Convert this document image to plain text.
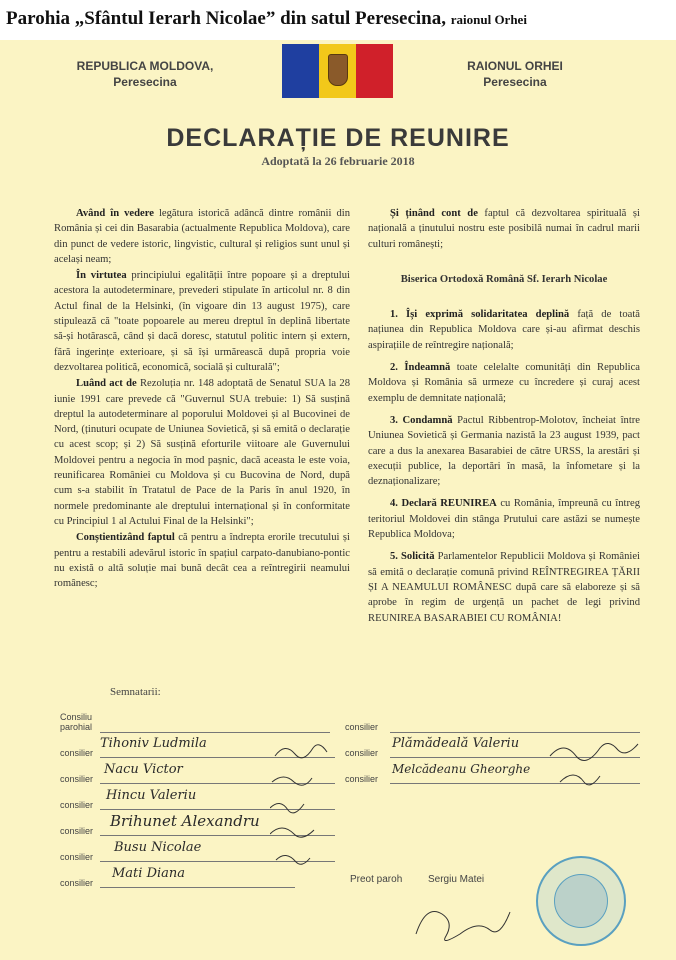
Parohia „Sfântul Ierarh Nicolae” din satul Peresecina, raionul Orhei
REPUBLICA MOLDOVA,
Peresecina
RAIONUL ORHEI
Peresecina
DECLARAȚIE DE REUNIRE
Adoptată la 26 februarie 2018

Având în vedere legătura istorică adâncă dintre românii din România și cei din Basarabia (actualmente Republica Moldova), care din punct de vedere istoric, lingvistic, cultural și religios sunt unul și același neam;

În virtutea principiului egalității între popoare și a dreptului acestora la autodeterminare, prevederi stipulate în articolul nr. 8 din Actul final de la Helsinki, (în vigoare din 13 august 1975), care stipulează că "toate popoarele au mereu dreptul în deplină libertate să-și hotărască, când și dacă doresc, statutul politic intern și extern, fără ingerințe exterioare, și să își urmărească după propria voie dezvoltarea politică, economică, socială și culturală";

Luând act de Rezoluția nr. 148 adoptată de Senatul SUA la 28 iunie 1991 care prevede că "Guvernul SUA trebuie: 1) Să susțină dreptul la autodeterminare al poporului Moldovei și al Bucovinei de Nord, (ținuturi ocupate de Uniunea Sovietică, și să emită o declarație cu acest scop; și 2) Să susțină eforturile viitoare ale Guvernului Moldovei pentru a negocia în mod pașnic, dacă aceasta le este voia, reunificarea României cu Moldova și cu Bucovina de Nord, după cum s-a stabilit în Tratatul de Pace de la Paris în anul 1920, în normele predominante ale dreptului internațional și în conformitate cu Principiul 1 al Actului Final de la Helsinki";

Conștientizând faptul că pentru a îndrepta erorile trecutului și pentru a restabili adevărul istoric în spațiul carpato-danubiano-pontic nu există o altă soluție mai bună decât cea a reîntregirii neamului românesc;

Și ținând cont de faptul că dezvoltarea spirituală și națională a ținutului nostru este posibilă numai în cadrul marii culturi românești;

Biserica Ortodoxă Română Sf. Ierarh Nicolae

1. Își exprimă solidaritatea deplină față de toată națiunea din Republica Moldova care și-au afirmat deschis aspirațiile de reîntregire națională;

2. Îndeamnă toate celelalte comunități din Republica Moldova și România să urmeze cu încredere și curaj acest exemplu de demnitate națională;

3. Condamnă Pactul Ribbentrop-Molotov, încheiat între Uniunea Sovietică și Germania nazistă la 23 august 1939, pact care a dus la anexarea Basarabiei de către URSS, la arestări și execuții publice, la deportări în masă, la înfometare și la deznaționalizare;

4. Declară REUNIREA cu România, împreună cu întreg teritoriul Moldovei din stânga Prutului care astăzi se numește Republica Moldova;

5. Solicită Parlamentelor Republicii Moldova și României să emită o declarație comună privind REÎNTREGIREA ȚĂRII ȘI A NEAMULUI ROMÂNESC după care să elaboreze și să aprobe în regim de urgență un pachet de legi privind REUNIREA BASARABIEI CU ROMÂNIA!

Semnatarii:
Consiliu
parohial	consilier
consilier
Tihoniv Ludmila
consilier
Nacu Victor
consilier
Hincu Valeriu
consilier
Brihunet Alexandru
consilier
Busu Nicolae
consilier
Mati Diana
consilier
Plămădeală Valeriu
consilier
Melcădeanu Gheorghe
Preot paroh	Sergiu Matei
